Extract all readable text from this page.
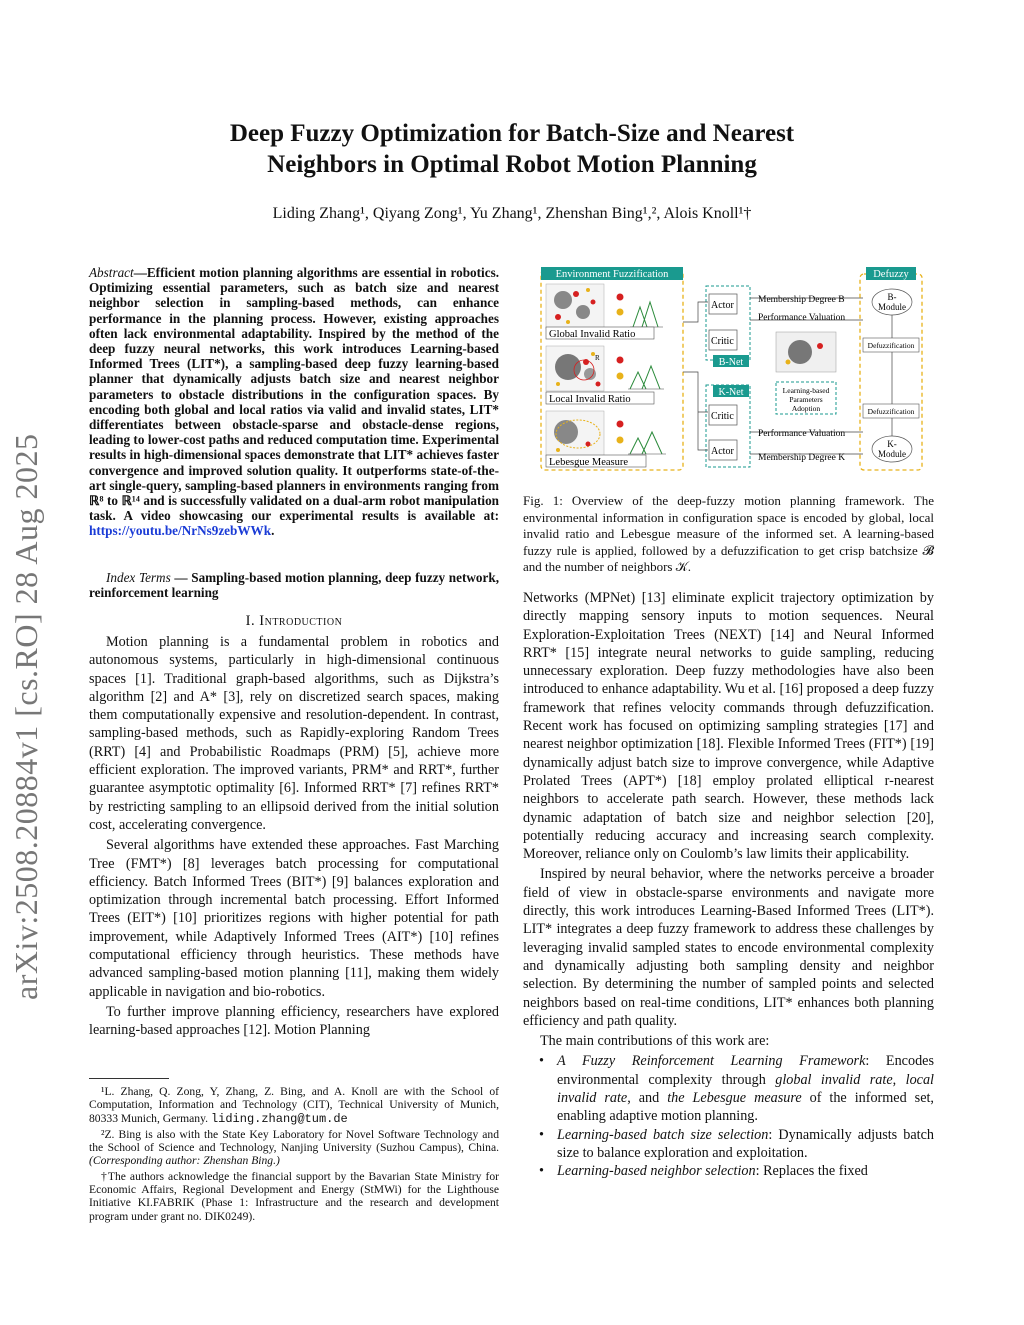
arXiv:2508.20884v1 [cs.RO] 28 Aug 2025
Deep Fuzzy Optimization for Batch-Size and Nearest
Neighbors in Optimal Robot Motion Planning
Liding Zhang¹, Qiyang Zong¹, Yu Zhang¹, Zhenshan Bing¹,², Alois Knoll¹†
Abstract—Efficient motion planning algorithms are essential in robotics. Optimizing essential parameters, such as batch size and nearest neighbor selection in sampling-based methods, can enhance performance in the planning process. However, existing approaches often lack environmental adaptability. Inspired by the method of the deep fuzzy neural networks, this work introduces Learning-based Informed Trees (LIT*), a sampling-based deep fuzzy learning-based planner that dynamically adjusts batch size and nearest neighbor parameters to obstacle distributions in the configuration spaces. By encoding both global and local ratios via valid and invalid states, LIT* differentiates between obstacle-sparse and obstacle-dense regions, leading to lower-cost paths and reduced computation time. Experimental results in high-dimensional spaces demonstrate that LIT* achieves faster convergence and improved solution quality. It outperforms state-of-the-art single-query, sampling-based planners in environments ranging from ℝ⁸ to ℝ¹⁴ and is successfully validated on a dual-arm robot manipulation task. A video showcasing our experimental results is available at: https://youtu.be/NrNs9zebWWk.
Index Terms — Sampling-based motion planning, deep fuzzy network, reinforcement learning
I. Introduction

Motion planning is a fundamental problem in robotics and autonomous systems, particularly in high-dimensional continuous spaces [1]. Traditional graph-based algorithms, such as Dijkstra’s algorithm [2] and A* [3], rely on discretized search spaces, making them computationally expensive and resolution-dependent. In contrast, sampling-based methods, such as Rapidly-exploring Random Trees (RRT) [4] and Probabilistic Roadmaps (PRM) [5], achieve more efficient exploration. The improved variants, PRM* and RRT*, further guarantee asymptotic optimality [6]. Informed RRT* [7] refines RRT* by restricting sampling to an ellipsoid derived from the initial solution cost, accelerating convergence.

Several algorithms have extended these approaches. Fast Marching Tree (FMT*) [8] leverages batch processing for computational efficiency. Batch Informed Trees (BIT*) [9] balances exploration and optimization through incremental batch processing. Effort Informed Trees (EIT*) [10] prioritizes regions with higher potential for path improvement, while Adaptively Informed Trees (AIT*) [10] refines computational efficiency through heuristics. These methods have advanced sampling-based motion planning [11], making them widely applicable in navigation and bio-robotics.

To further improve planning efficiency, researchers have explored learning-based approaches [12]. Motion Planning

¹L. Zhang, Q. Zong, Y, Zhang, Z. Bing, and A. Knoll are with the School of Computation, Information and Technology (CIT), Technical University of Munich, 80333 Munich, Germany. liding.zhang@tum.de

²Z. Bing is also with the State Key Laboratory for Novel Software Technology and the School of Science and Technology, Nanjing University (Suzhou Campus), China. (Corresponding author: Zhenshan Bing.)

†The authors acknowledge the financial support by the Bavarian State Ministry for Economic Affairs, Regional Development and Energy (StMWi) for the Lighthouse Initiative KI.FABRIK (Phase 1: Infrastructure and the research and development program under grant no. DIK0249).

Environment Fuzzification
Global Invalid Ratio
R
Local Invalid Ratio
Lebesgue Measure
Actor
Critic
B-Net
K-Net
Critic
Actor
Membership Degree B
Performance Valuation
Learning-based
Parameters
Adoption
Performance Valuation
Membership Degree K
Defuzzy
B-
Module
Defuzzification
Defuzzification
K-
Module
Fig. 1: Overview of the deep-fuzzy motion planning framework. The environmental information in configuration space is encoded by global, local invalid ratio and Lebesgue measure of the informed set. A learning-based fuzzy rule is applied, followed by a defuzzification to get crisp batchsize 𝓑 and the number of neighbors 𝒦.

Networks (MPNet) [13] eliminate explicit trajectory optimization by directly mapping sensory inputs to motion sequences. Neural Exploration-Exploitation Trees (NEXT) [14] and Neural Informed RRT* [15] integrate neural networks to guide sampling, reducing unnecessary exploration. Deep fuzzy methodologies have also been introduced to enhance adaptability. Wu et al. [16] proposed a deep fuzzy framework that refines velocity commands through defuzzification. Recent work has focused on optimizing sampling strategies [17] and nearest neighbor optimization [18]. Flexible Informed Trees (FIT*) [19] dynamically adjust batch size to improve convergence, while Adaptive Prolated Trees (APT*) [18] employ prolated elliptical r-nearest neighbors to accelerate path search. However, these methods lack dynamic adaptation of batch size and neighbor selection [20], potentially reducing accuracy and increasing search complexity. Moreover, reliance only on Coulomb’s law limits their applicability.

Inspired by neural behavior, where the networks perceive a broader field of view in obstacle-sparse environments and navigate more directly, this work introduces Learning-Based Informed Trees (LIT*). LIT* integrates a deep fuzzy framework to address these challenges by leveraging invalid sampled states to encode environmental complexity and dynamically adjusting both sampling density and neighbor selection. By determining the number of sampled points and selected neighbors based on real-time conditions, LIT* enhances both planning efficiency and path quality.

The main contributions of this work are:

• A Fuzzy Reinforcement Learning Framework: Encodes environmental complexity through global invalid rate, local invalid rate, and the Lebesgue measure of the informed set, enabling adaptive motion planning.
• Learning-based batch size selection: Dynamically adjusts batch size to balance exploration and exploitation.
• Learning-based neighbor selection: Replaces the fixed
